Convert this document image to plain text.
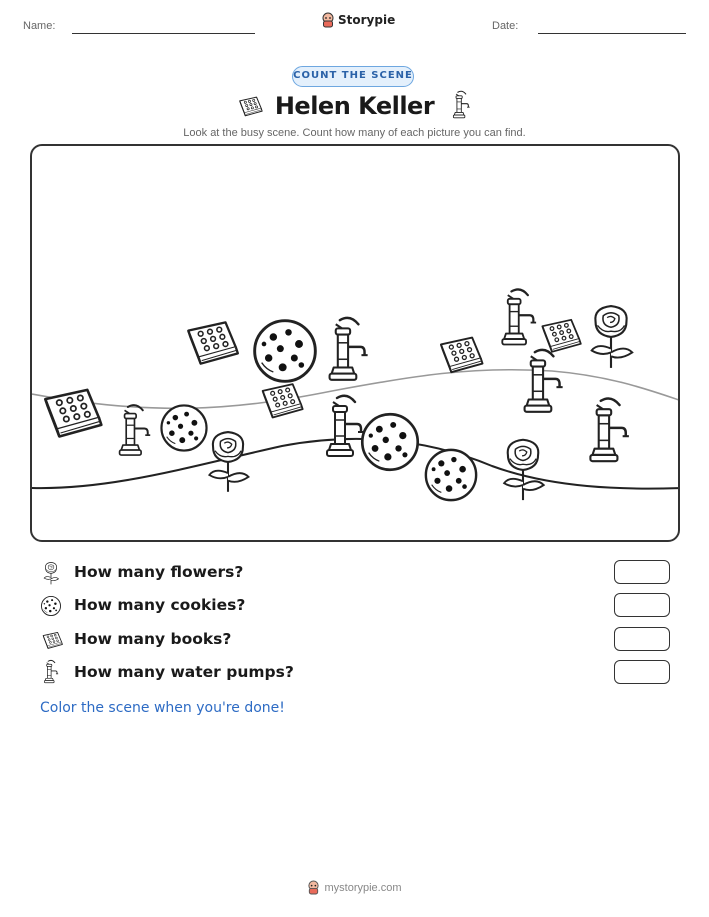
Name:	Storypie	Date:
COUNT THE SCENE
Helen Keller
Look at the busy scene. Count how many of each picture you can find.
How many flowers?
How many cookies?
How many books?
How many water pumps?
Color the scene when you're done!
mystorypie.com
